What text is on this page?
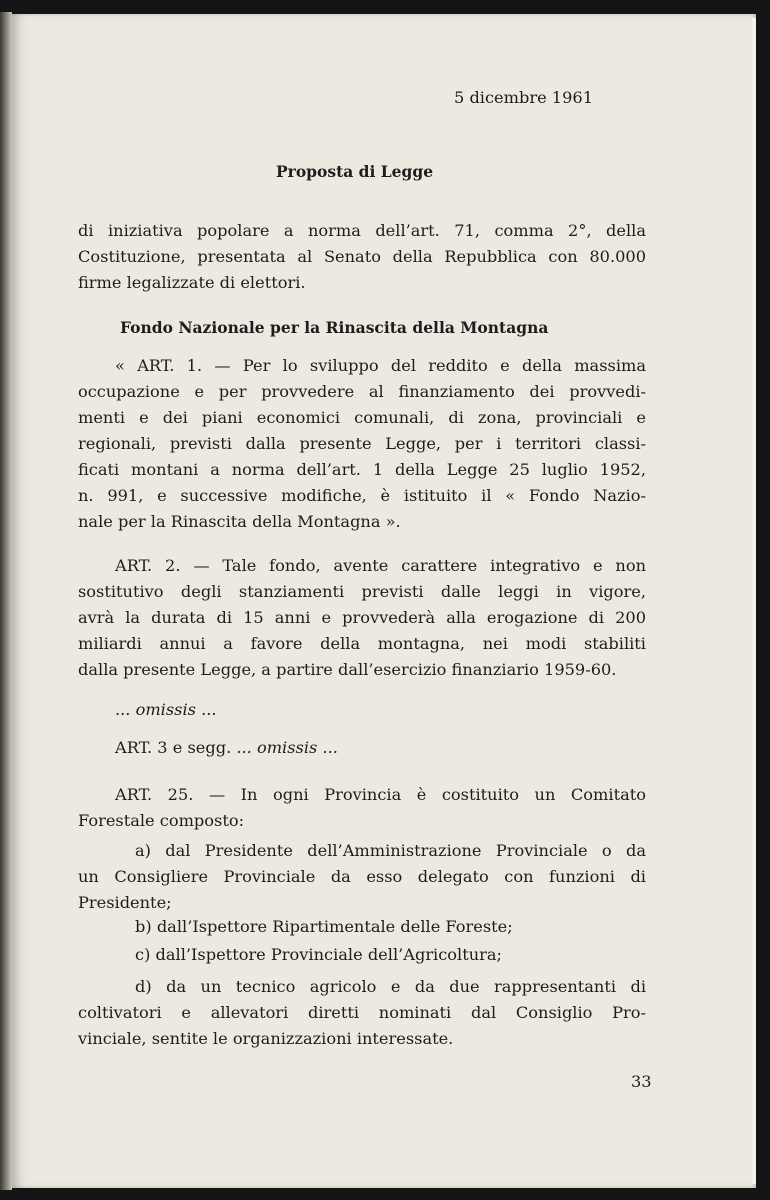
5 dicembre 1961
Proposta di Legge
di iniziativa popolare a norma dell’art. 71, comma 2°, della
Costituzione, presentata al Senato della Repubblica con 80.000
firme legalizzate di elettori.
Fondo Nazionale per la Rinascita della Montagna
« ART. 1. — Per lo sviluppo del reddito e della massima
occupazione e per provvedere al finanziamento dei provvedi-
menti e dei piani economici comunali, di zona, provinciali e
regionali, previsti dalla presente Legge, per i territori classi-
ficati montani a norma dell’art. 1 della Legge 25 luglio 1952,
n. 991, e successive modifiche, è istituito il « Fondo Nazio-
nale per la Rinascita della Montagna ».
ART. 2. — Tale fondo, avente carattere integrativo e non
sostitutivo degli stanziamenti previsti dalle leggi in vigore,
avrà la durata di 15 anni e provvederà alla erogazione di 200
miliardi annui a favore della montagna, nei modi stabiliti
dalla presente Legge, a partire dall’esercizio finanziario 1959-60.
... omissis ...
ART. 3 e segg. ... omissis ...
ART. 25. — In ogni Provincia è costituito un Comitato
Forestale composto:
a) dal Presidente dell’Amministrazione Provinciale o da
un Consigliere Provinciale da esso delegato con funzioni di
Presidente;
b) dall’Ispettore Ripartimentale delle Foreste;
c) dall’Ispettore Provinciale dell’Agricoltura;
d) da un tecnico agricolo e da due rappresentanti di
coltivatori e allevatori diretti nominati dal Consiglio Pro-
vinciale, sentite le organizzazioni interessate.
33
